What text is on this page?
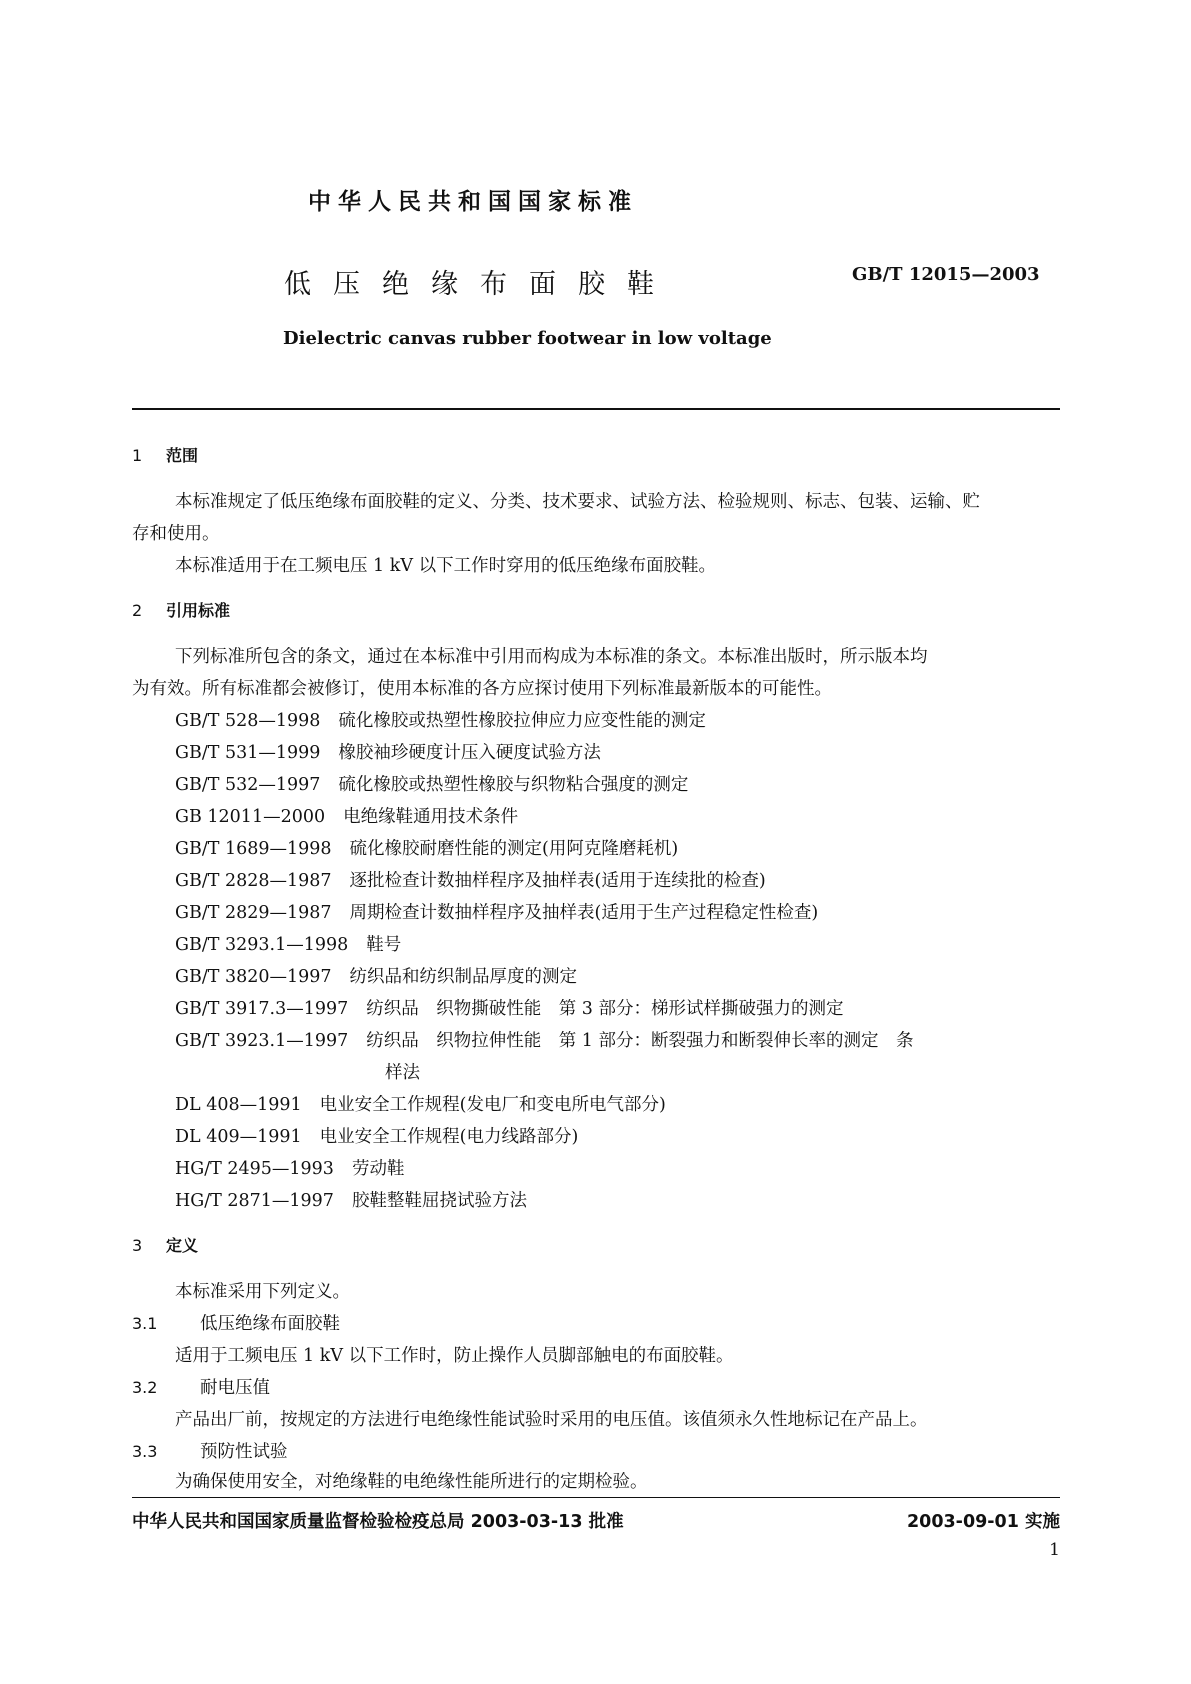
中华人民共和国国家标准
低压绝缘布面胶鞋	GB/T 12015—2003
Dielectric canvas rubber footwear in low voltage
1 范围
本标准规定了低压绝缘布面胶鞋的定义、分类、技术要求、试验方法、检验规则、标志、包装、运输、贮
存和使用。
本标准适用于在工频电压 1 kV 以下工作时穿用的低压绝缘布面胶鞋。
2 引用标准
下列标准所包含的条文，通过在本标准中引用而构成为本标准的条文。本标准出版时，所示版本均
为有效。所有标准都会被修订，使用本标准的各方应探讨使用下列标准最新版本的可能性。
GB/T 528—1998 硫化橡胶或热塑性橡胶拉伸应力应变性能的测定
GB/T 531—1999 橡胶袖珍硬度计压入硬度试验方法
GB/T 532—1997 硫化橡胶或热塑性橡胶与织物粘合强度的测定
GB 12011—2000 电绝缘鞋通用技术条件
GB/T 1689—1998 硫化橡胶耐磨性能的测定(用阿克隆磨耗机)
GB/T 2828—1987 逐批检查计数抽样程序及抽样表(适用于连续批的检查)
GB/T 2829—1987 周期检查计数抽样程序及抽样表(适用于生产过程稳定性检查)
GB/T 3293.1—1998 鞋号
GB/T 3820—1997 纺织品和纺织制品厚度的测定
GB/T 3917.3—1997 纺织品　织物撕破性能　第 3 部分：梯形试样撕破强力的测定
GB/T 3923.1—1997 纺织品　织物拉伸性能　第 1 部分：断裂强力和断裂伸长率的测定　条
样法
DL 408—1991 电业安全工作规程(发电厂和变电所电气部分)
DL 409—1991 电业安全工作规程(电力线路部分)
HG/T 2495—1993 劳动鞋
HG/T 2871—1997 胶鞋整鞋屈挠试验方法
3 定义
本标准采用下列定义。
3.1 低压绝缘布面胶鞋
适用于工频电压 1 kV 以下工作时，防止操作人员脚部触电的布面胶鞋。
3.2 耐电压值
产品出厂前，按规定的方法进行电绝缘性能试验时采用的电压值。该值须永久性地标记在产品上。
3.3 预防性试验
为确保使用安全，对绝缘鞋的电绝缘性能所进行的定期检验。
中华人民共和国国家质量监督检验检疫总局 2003-03-13 批准	2003-09-01 实施
1
